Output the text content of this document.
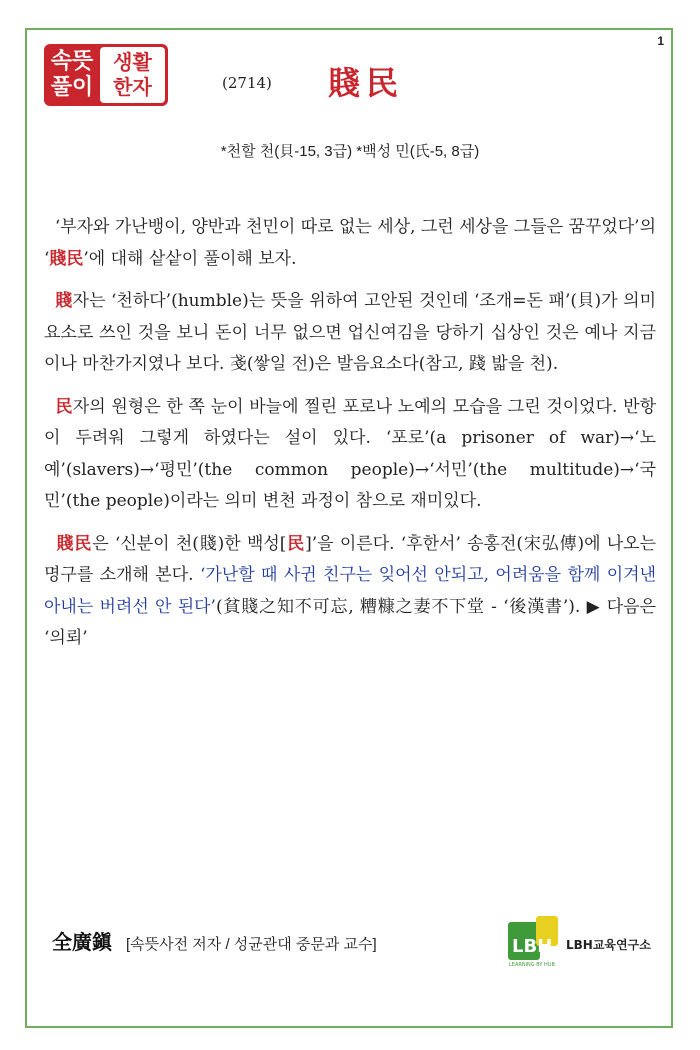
1
속뜻
풀이
생활
한자	(2714) 賤民
*천할 천(貝-15, 3급) *백성 민(氏-5, 8급)

‘부자와 가난뱅이, 양반과 천민이 따로 없는 세상, 그런 세상을 그들은 꿈꾸었다’의 ‘賤民’에 대해 샅샅이 풀이해 보자.

賤자는 ‘천하다’(humble)는 뜻을 위하여 고안된 것인데 ‘조개=돈 패’(貝)가 의미요소로 쓰인 것을 보니 돈이 너무 없으면 업신여김을 당하기 십상인 것은 예나 지금이나 마찬가지였나 보다. 戔(쌓일 전)은 발음요소다(참고, 踐 밟을 천).

民자의 원형은 한 쪽 눈이 바늘에 찔린 포로나 노예의 모습을 그린 것이었다. 반항이 두려워 그렇게 하였다는 설이 있다. ‘포로’(a prisoner of war)→‘노예’(slavers)→‘평민’(the common people)→‘서민’(the multitude)→‘국민’(the people)이라는 의미 변천 과정이 참으로 재미있다.

賤民은 ‘신분이 천(賤)한 백성[民]’을 이른다. ‘후한서’ 송홍전(宋弘傳)에 나오는 명구를 소개해 본다. ‘가난할 때 사귄 친구는 잊어선 안되고, 어려움을 함께 이겨낸 아내는 버려선 안 된다’(貧賤之知不可忘, 糟糠之妻不下堂 - ‘後漢書’). ▶ 다음은 ‘의뢰’

全廣鎭 [속뜻사전 저자 / 성균관대 중문과 교수]	LBH
LEARNING BY HUB
LBH교육연구소
